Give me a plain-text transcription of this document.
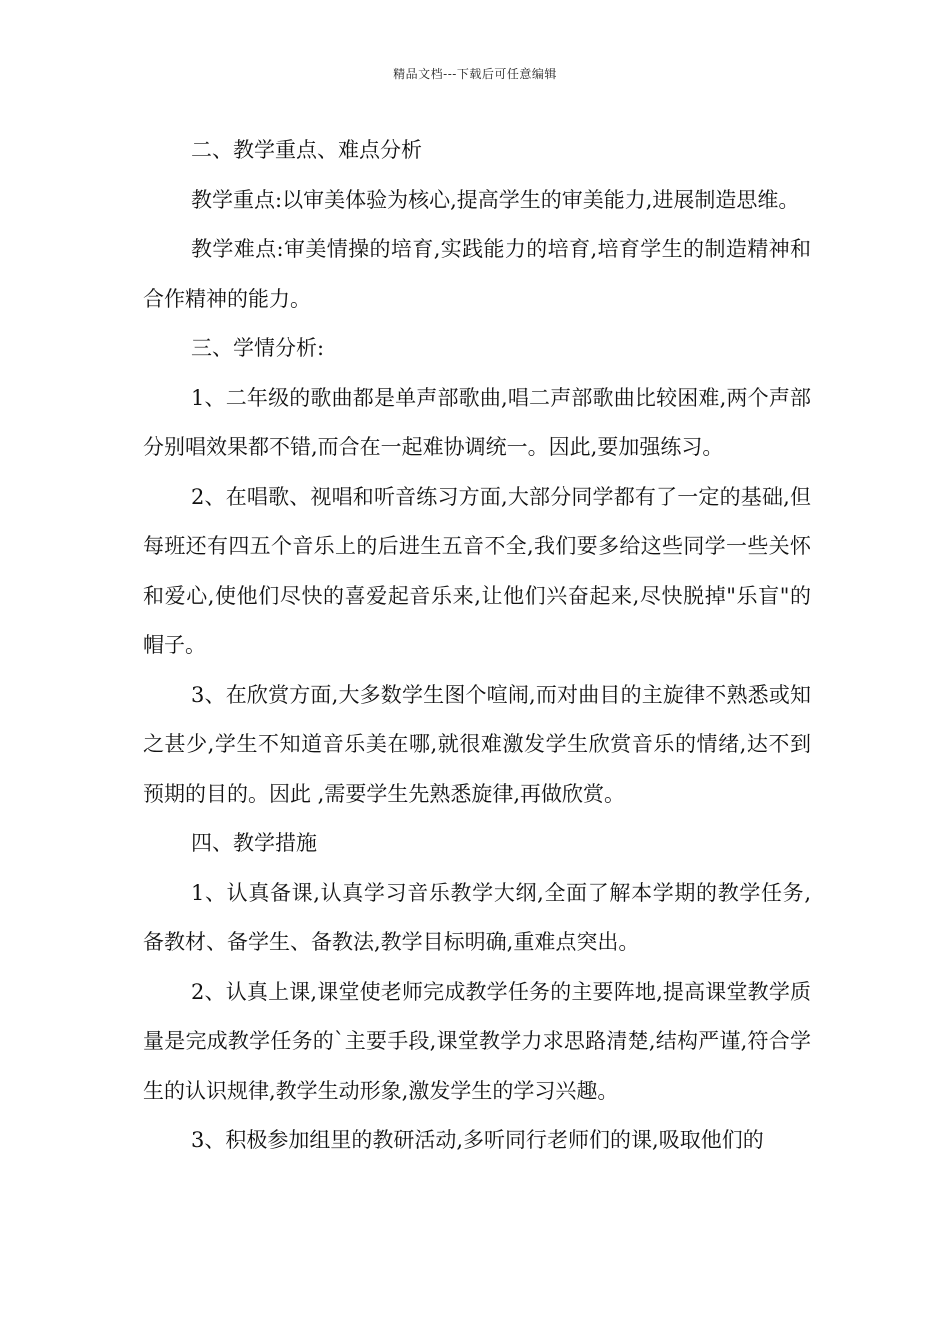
精品文档---下载后可任意编辑

二、教学重点、难点分析

教学重点:以审美体验为核心,提高学生的审美能力,进展制造思维。

教学难点:审美情操的培育,实践能力的培育,培育学生的制造精神和合作精神的能力。

三、学情分析:

1、二年级的歌曲都是单声部歌曲,唱二声部歌曲比较困难,两个声部分别唱效果都不错,而合在一起难协调统一。因此,要加强练习。

2、在唱歌、视唱和听音练习方面,大部分同学都有了一定的基础,但每班还有四五个音乐上的后进生五音不全,我们要多给这些同学一些关怀和爱心,使他们尽快的喜爱起音乐来,让他们兴奋起来,尽快脱掉"乐盲"的帽子。

3、在欣赏方面,大多数学生图个喧闹,而对曲目的主旋律不熟悉或知之甚少,学生不知道音乐美在哪,就很难激发学生欣赏音乐的情绪,达不到预期的目的。因此 ,需要学生先熟悉旋律,再做欣赏。

四、教学措施

1、认真备课,认真学习音乐教学大纲,全面了解本学期的教学任务,备教材、备学生、备教法,教学目标明确,重难点突出。

2、认真上课,课堂使老师完成教学任务的主要阵地,提高课堂教学质量是完成教学任务的`主要手段,课堂教学力求思路清楚,结构严谨,符合学生的认识规律,教学生动形象,激发学生的学习兴趣。

3、积极参加组里的教研活动,多听同行老师们的课,吸取他们的
